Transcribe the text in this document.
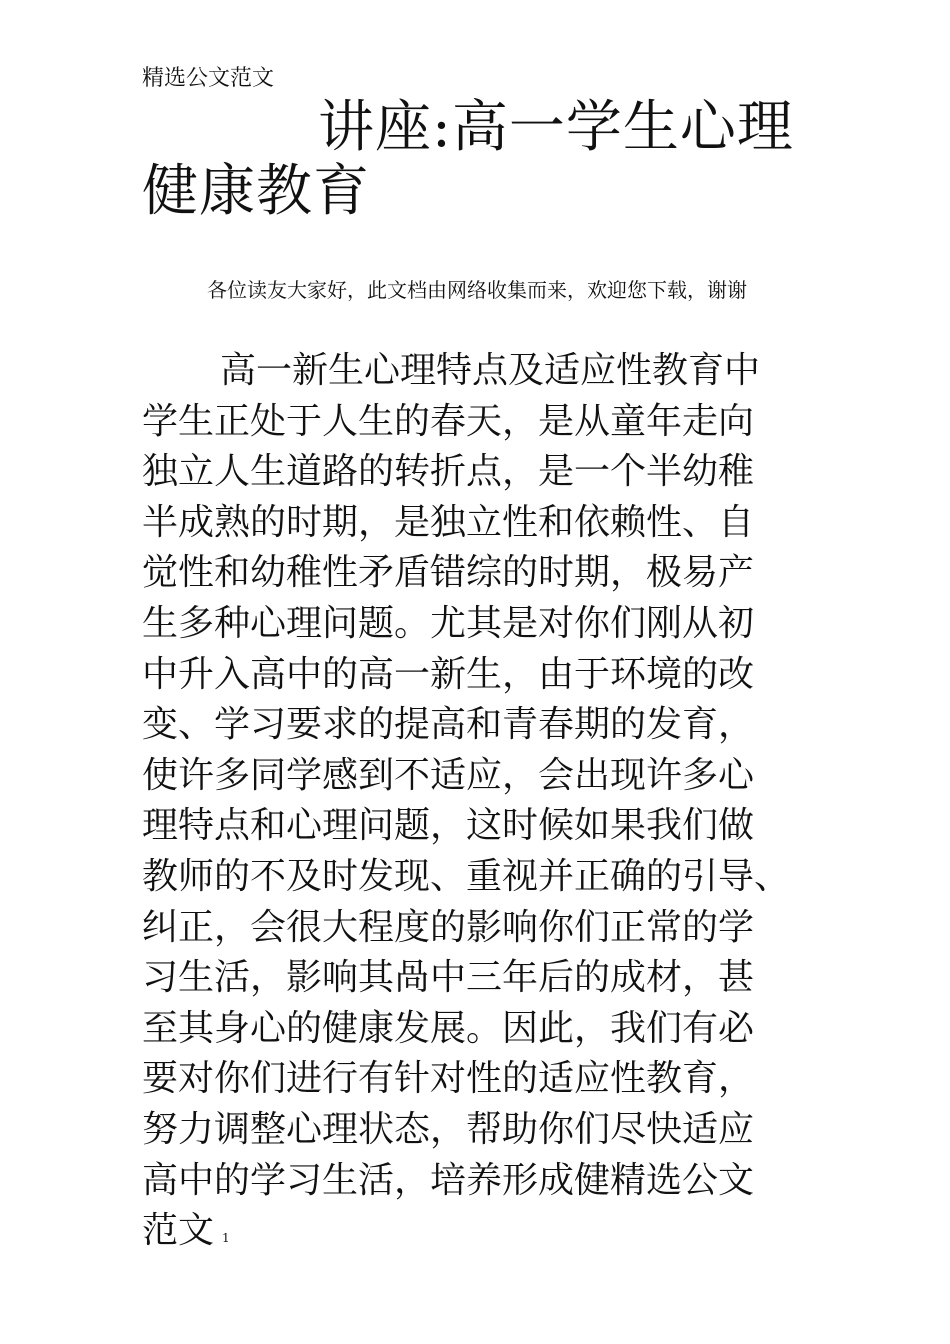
精选公文范文
讲座:高一学生心理
健康教育
各位读友大家好，此文档由网络收集而来，欢迎您下载，谢谢
高一新生心理特点及适应性教育中
学生正处于人生的春天，是从童年走向
独立人生道路的转折点，是一个半幼稚
半成熟的时期，是独立性和依赖性、自
觉性和幼稚性矛盾错综的时期，极易产
生多种心理问题。尤其是对你们刚从初
中升入高中的高一新生，由于环境的改
变、学习要求的提高和青春期的发育，
使许多同学感到不适应，会出现许多心
理特点和心理问题，这时候如果我们做
教师的不及时发现、重视并正确的引导、
纠正，会很大程度的影响你们正常的学
习生活，影响其咼中三年后的成材，甚
至其身心的健康发展。因此，我们有必
要对你们进行有针对性的适应性教育，
努力调整心理状态，帮助你们尽快适应
高中的学习生活，培养形成健精选公文
范文 1
